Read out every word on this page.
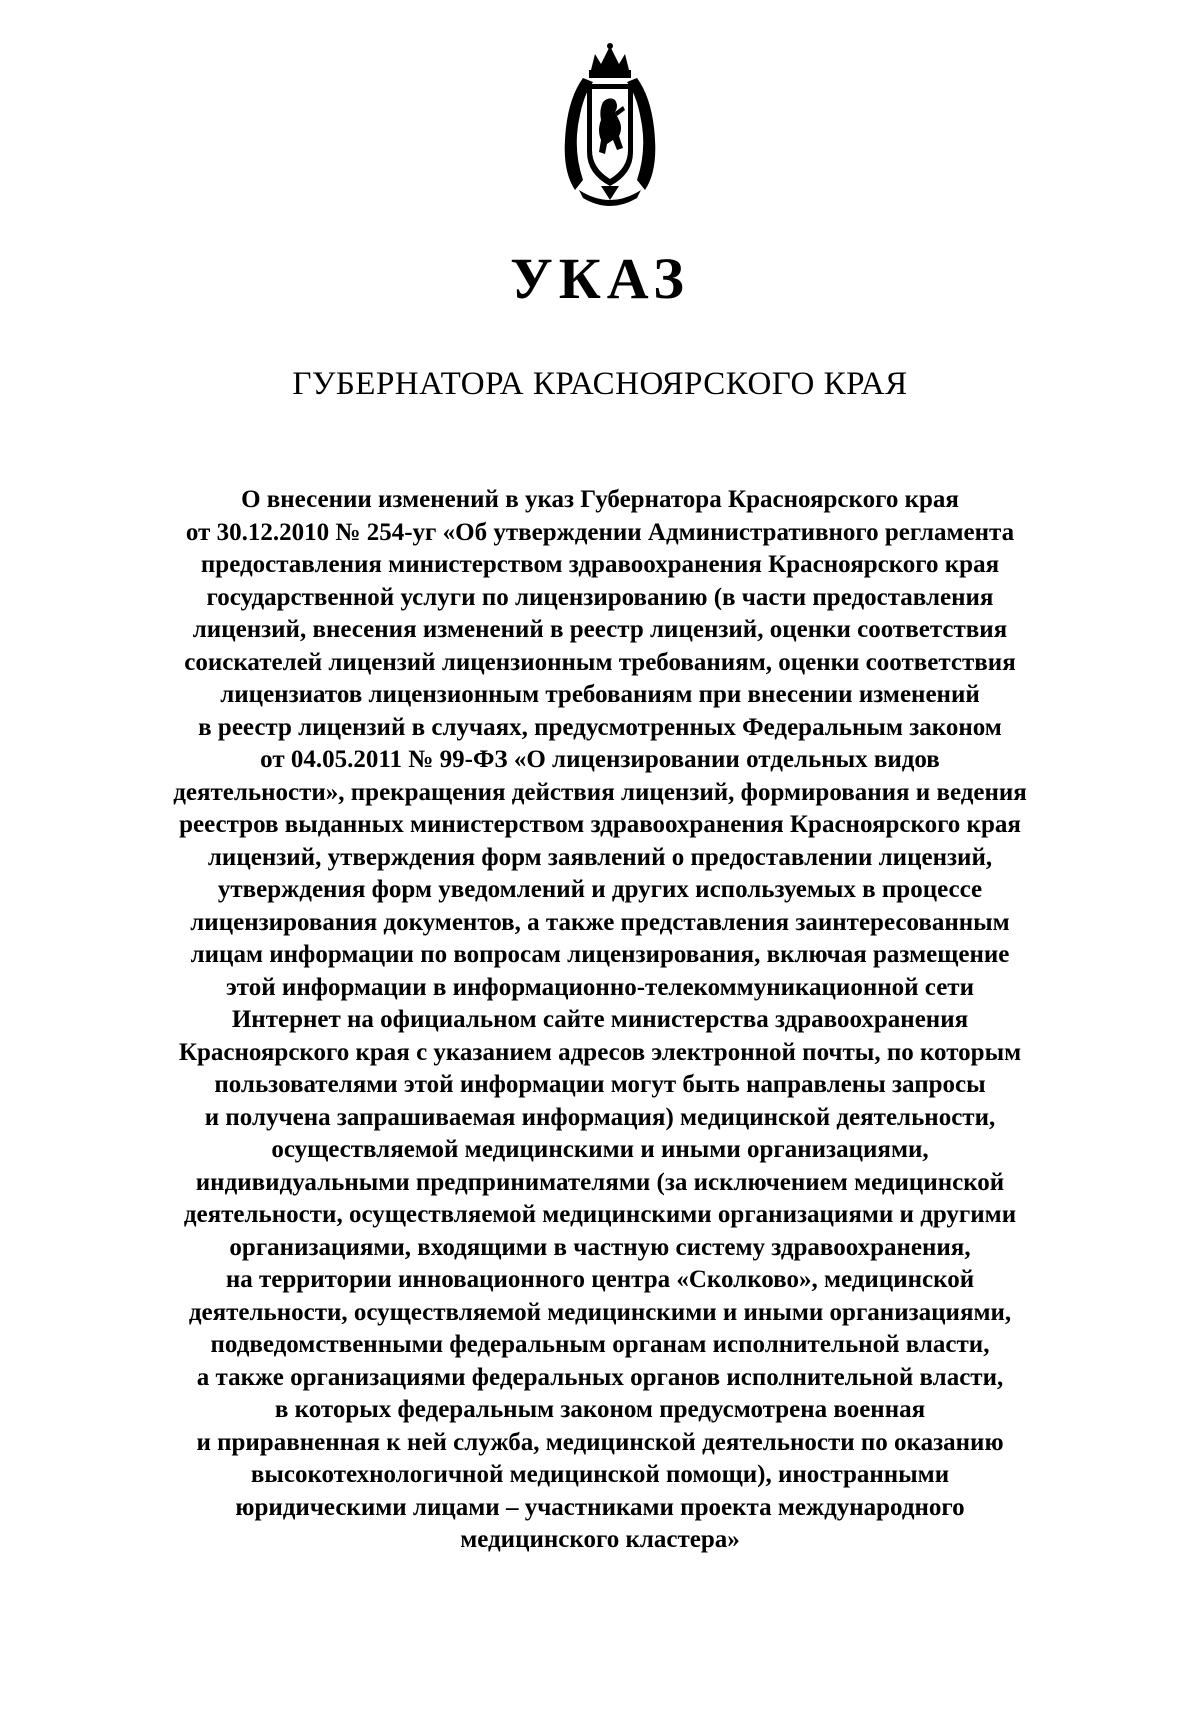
УКАЗ
ГУБЕРНАТОРА КРАСНОЯРСКОГО КРАЯ

О внесении изменений в указ Губернатора Красноярского края
от 30.12.2010 № 254-уг «Об утверждении Административного регламента
предоставления министерством здравоохранения Красноярского края
государственной услуги по лицензированию (в части предоставления
лицензий, внесения изменений в реестр лицензий, оценки соответствия
соискателей лицензий лицензионным требованиям, оценки соответствия
лицензиатов лицензионным требованиям при внесении изменений
в реестр лицензий в случаях, предусмотренных Федеральным законом
от 04.05.2011 № 99-ФЗ «О лицензировании отдельных видов
деятельности», прекращения действия лицензий, формирования и ведения
реестров выданных министерством здравоохранения Красноярского края
лицензий, утверждения форм заявлений о предоставлении лицензий,
утверждения форм уведомлений и других используемых в процессе
лицензирования документов, а также представления заинтересованным
лицам информации по вопросам лицензирования, включая размещение
этой информации в информационно-телекоммуникационной сети
Интернет на официальном сайте министерства здравоохранения
Красноярского края с указанием адресов электронной почты, по которым
пользователями этой информации могут быть направлены запросы
и получена запрашиваемая информация) медицинской деятельности,
осуществляемой медицинскими и иными организациями,
индивидуальными предпринимателями (за исключением медицинской
деятельности, осуществляемой медицинскими организациями и другими
организациями, входящими в частную систему здравоохранения,
на территории инновационного центра «Сколково», медицинской
деятельности, осуществляемой медицинскими и иными организациями,
подведомственными федеральным органам исполнительной власти,
а также организациями федеральных органов исполнительной власти,
в которых федеральным законом предусмотрена военная
и приравненная к ней служба, медицинской деятельности по оказанию
высокотехнологичной медицинской помощи), иностранными
юридическими лицами – участниками проекта международного
медицинского кластера»
